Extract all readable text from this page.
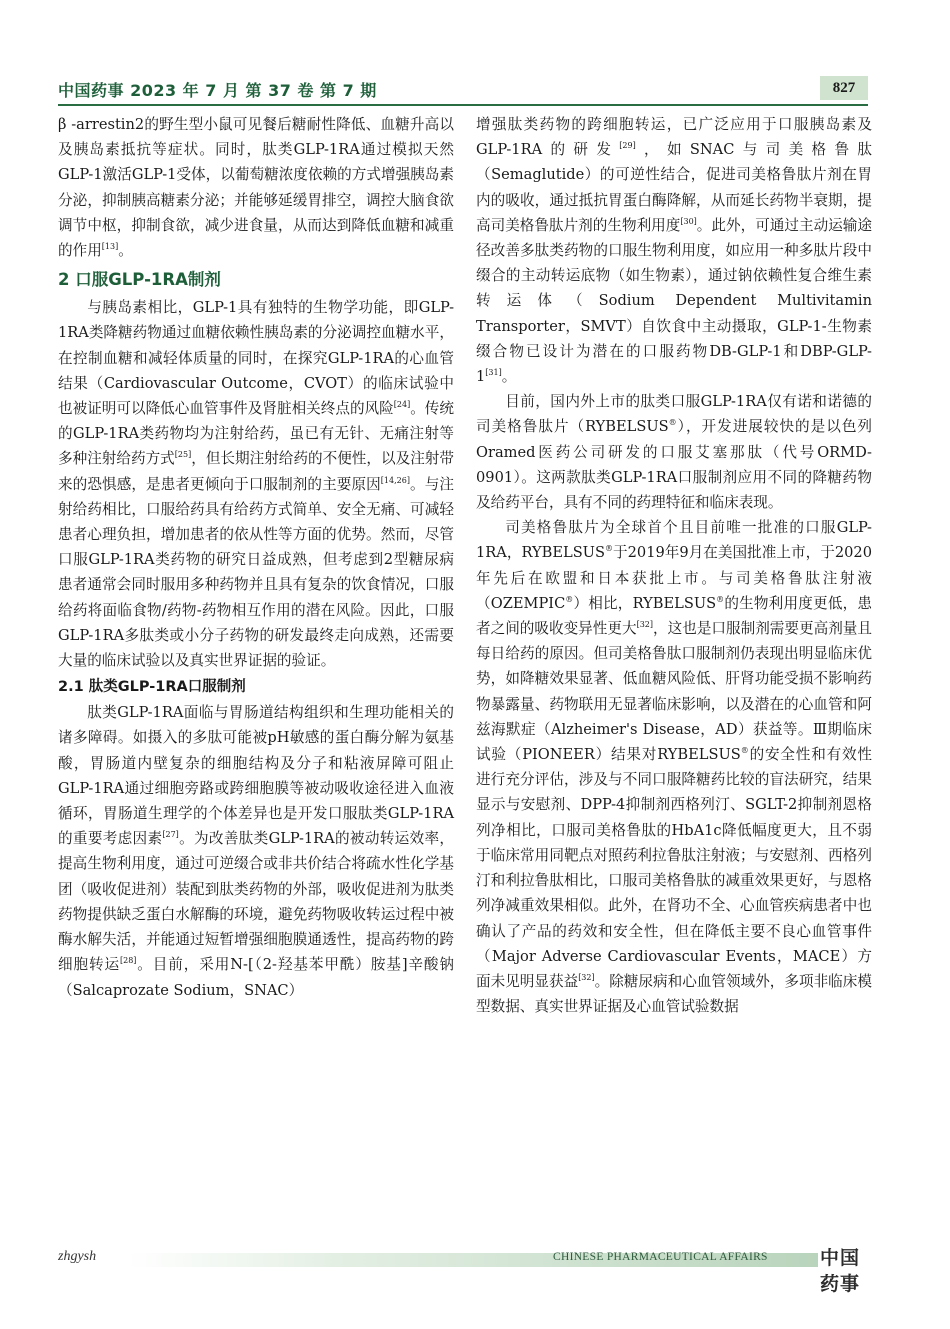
中国药事 2023 年 7 月 第 37 卷 第 7 期	827

β -arrestin2的野生型小鼠可见餐后糖耐性降低、血糖升高以及胰岛素抵抗等症状。同时，肽类GLP-1RA通过模拟天然GLP-1激活GLP-1受体，以葡萄糖浓度依赖的方式增强胰岛素分泌，抑制胰高糖素分泌；并能够延缓胃排空，调控大脑食欲调节中枢，抑制食欲，减少进食量，从而达到降低血糖和减重的作用[13]。

2 口服GLP-1RA制剂

与胰岛素相比，GLP-1具有独特的生物学功能，即GLP-1RA类降糖药物通过血糖依赖性胰岛素的分泌调控血糖水平，在控制血糖和减轻体质量的同时，在探究GLP-1RA的心血管结果（Cardiovascular Outcome，CVOT）的临床试验中也被证明可以降低心血管事件及肾脏相关终点的风险[24]。传统的GLP-1RA类药物均为注射给药，虽已有无针、无痛注射等多种注射给药方式[25]，但长期注射给药的不便性，以及注射带来的恐惧感，是患者更倾向于口服制剂的主要原因[14,26]。与注射给药相比，口服给药具有给药方式简单、安全无痛、可减轻患者心理负担，增加患者的依从性等方面的优势。然而，尽管口服GLP-1RA类药物的研究日益成熟，但考虑到2型糖尿病患者通常会同时服用多种药物并且具有复杂的饮食情况，口服给药将面临食物/药物-药物相互作用的潜在风险。因此，口服GLP-1RA多肽类或小分子药物的研发最终走向成熟，还需要大量的临床试验以及真实世界证据的验证。

2.1 肽类GLP-1RA口服制剂

肽类GLP-1RA面临与胃肠道结构组织和生理功能相关的诸多障碍。如摄入的多肽可能被pH敏感的蛋白酶分解为氨基酸，胃肠道内壁复杂的细胞结构及分子和粘液屏障可阻止GLP-1RA通过细胞旁路或跨细胞膜等被动吸收途径进入血液循环，胃肠道生理学的个体差异也是开发口服肽类GLP-1RA的重要考虑因素[27]。为改善肽类GLP-1RA的被动转运效率，提高生物利用度，通过可逆缀合或非共价结合将疏水性化学基团（吸收促进剂）装配到肽类药物的外部，吸收促进剂为肽类药物提供缺乏蛋白水解酶的环境，避免药物吸收转运过程中被酶水解失活，并能通过短暂增强细胞膜通透性，提高药物的跨细胞转运[28]。目前，采用N-[（2-羟基苯甲酰）胺基]辛酸钠（Salcaprozate Sodium，SNAC）

增强肽类药物的跨细胞转运，已广泛应用于口服胰岛素及GLP-1RA的研发[29]，如SNAC与司美格鲁肽（Semaglutide）的可逆性结合，促进司美格鲁肽片剂在胃内的吸收，通过抵抗胃蛋白酶降解，从而延长药物半衰期，提高司美格鲁肽片剂的生物利用度[30]。此外，可通过主动运输途径改善多肽类药物的口服生物利用度，如应用一种多肽片段中缀合的主动转运底物（如生物素），通过钠依赖性复合维生素转运体（Sodium Dependent Multivitamin Transporter，SMVT）自饮食中主动摄取，GLP-1-生物素缀合物已设计为潜在的口服药物DB-GLP-1和DBP-GLP-1[31]。

目前，国内外上市的肽类口服GLP-1RA仅有诺和诺德的司美格鲁肽片（RYBELSUS®），开发进展较快的是以色列Oramed医药公司研发的口服艾塞那肽（代号ORMD-0901）。这两款肽类GLP-1RA口服制剂应用不同的降糖药物及给药平台，具有不同的药理特征和临床表现。

司美格鲁肽片为全球首个且目前唯一批准的口服GLP-1RA，RYBELSUS®于2019年9月在美国批准上市，于2020年先后在欧盟和日本获批上市。与司美格鲁肽注射液（OZEMPIC®）相比，RYBELSUS®的生物利用度更低，患者之间的吸收变异性更大[32]，这也是口服制剂需要更高剂量且每日给药的原因。但司美格鲁肽口服制剂仍表现出明显临床优势，如降糖效果显著、低血糖风险低、肝肾功能受损不影响药物暴露量、药物联用无显著临床影响，以及潜在的心血管和阿兹海默症（Alzheimer's Disease，AD）获益等。Ⅲ期临床试验（PIONEER）结果对RYBELSUS®的安全性和有效性进行充分评估，涉及与不同口服降糖药比较的盲法研究，结果显示与安慰剂、DPP-4抑制剂西格列汀、SGLT-2抑制剂恩格列净相比，口服司美格鲁肽的HbA1c降低幅度更大，且不弱于临床常用同靶点对照药利拉鲁肽注射液；与安慰剂、西格列汀和利拉鲁肽相比，口服司美格鲁肽的减重效果更好，与恩格列净减重效果相似。此外，在肾功不全、心血管疾病患者中也确认了产品的药效和安全性，但在降低主要不良心血管事件（Major Adverse Cardiovascular Events，MACE）方面未见明显获益[32]。除糖尿病和心血管领域外，多项非临床模型数据、真实世界证据及心血管试验数据

zhgysh	CHINESE PHARMACEUTICAL AFFAIRS	中国药事
